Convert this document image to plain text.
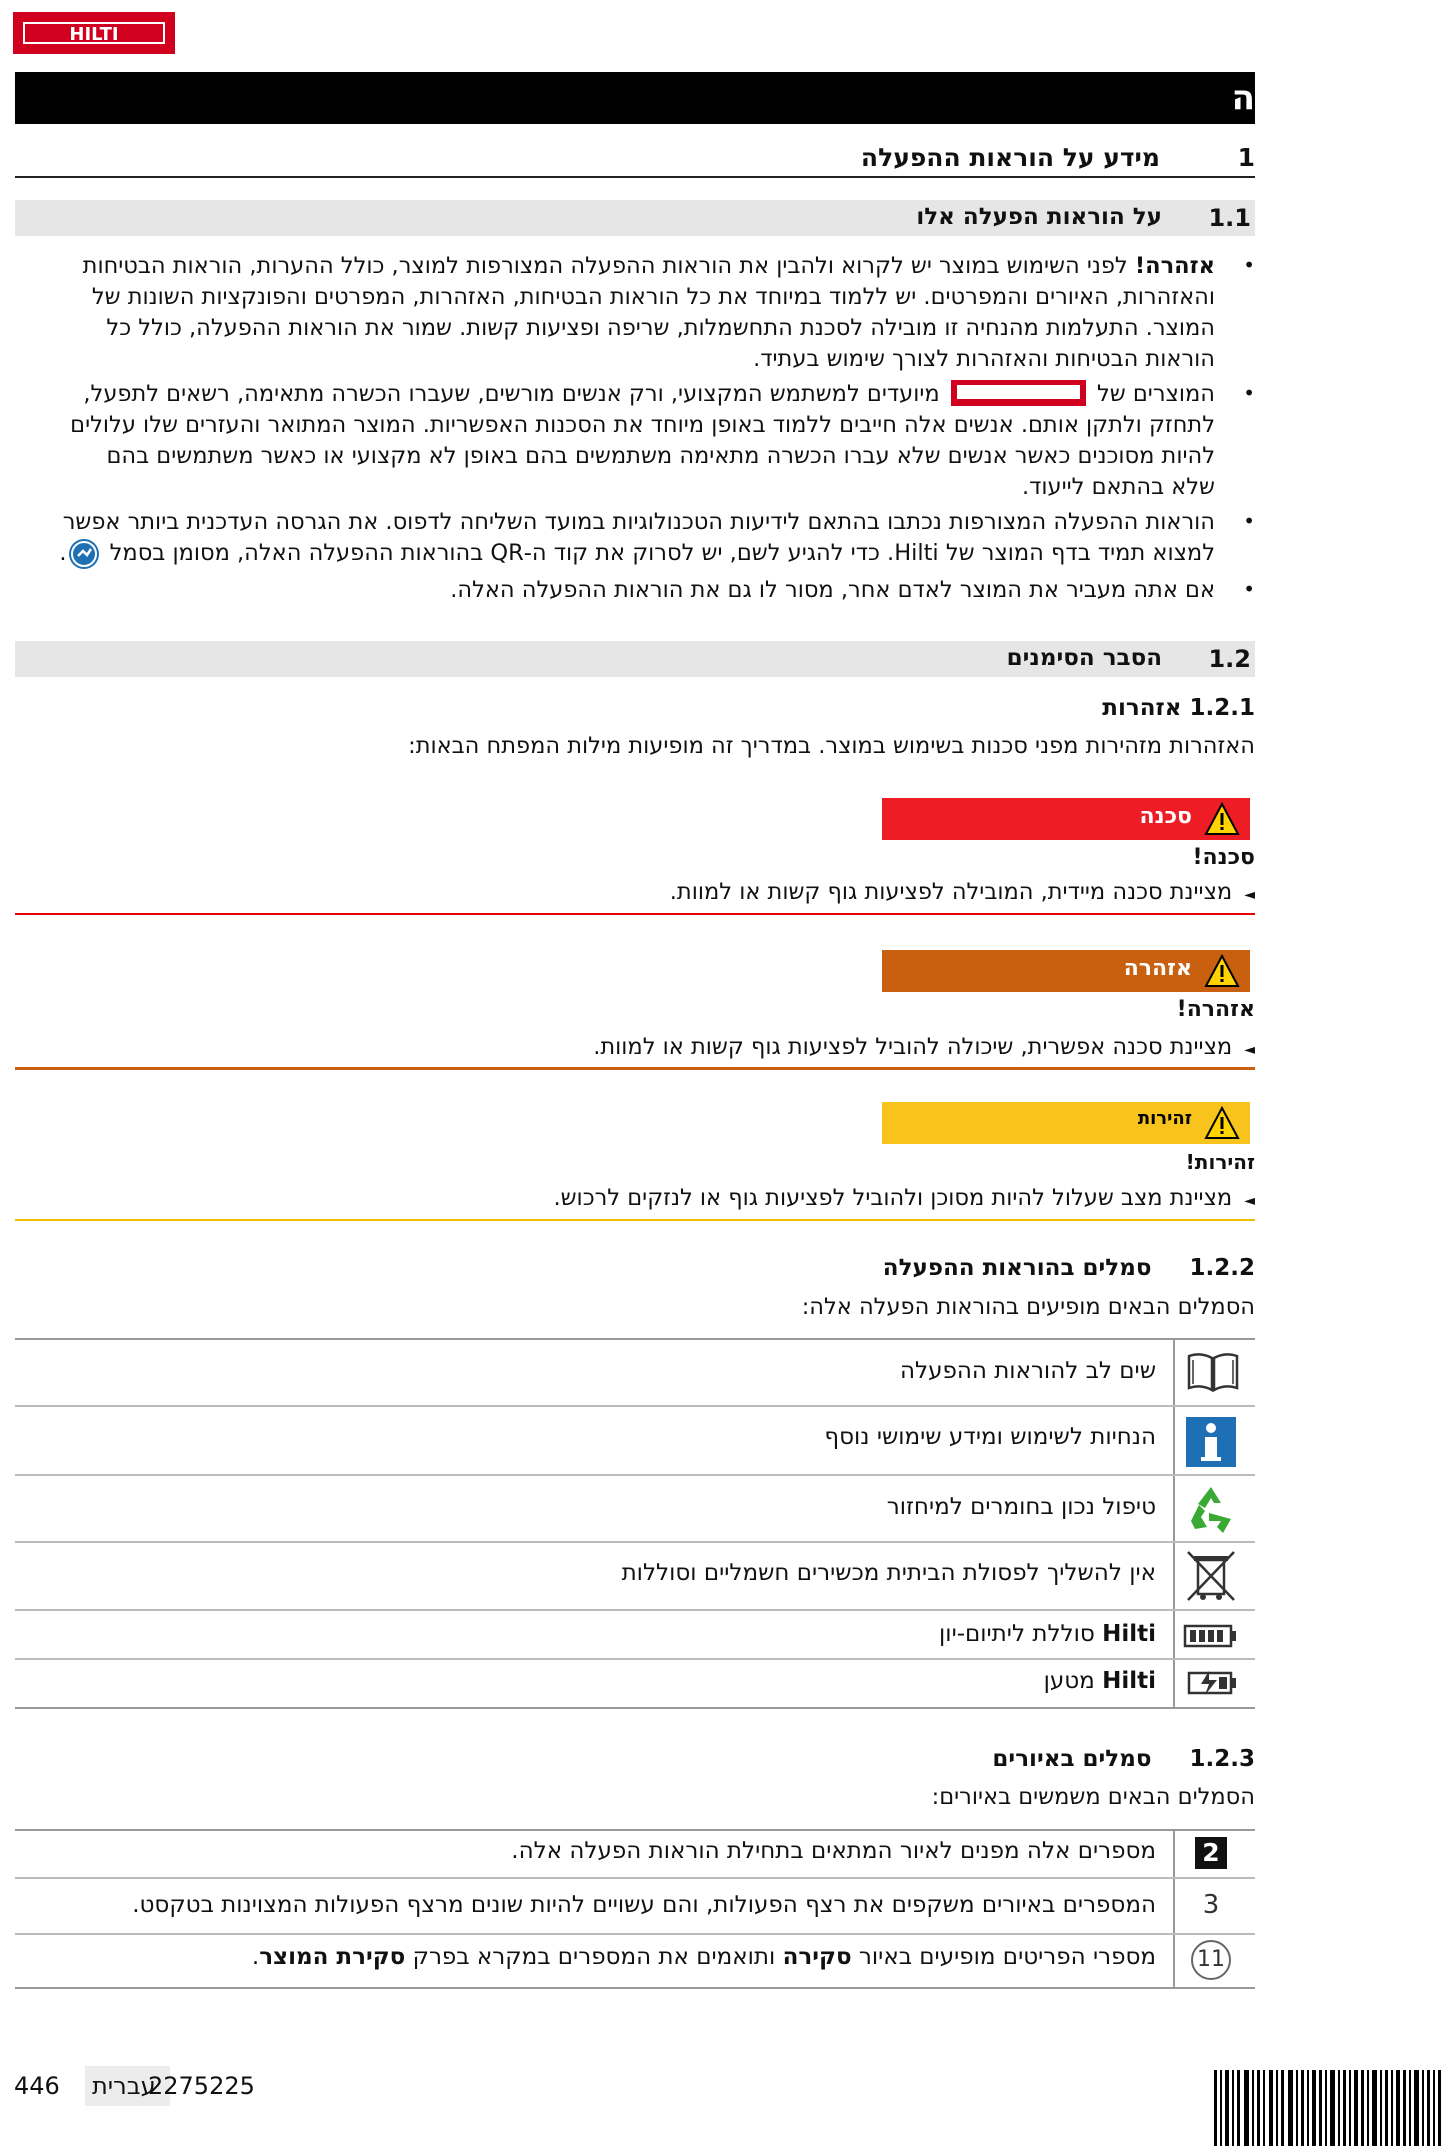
HILTI
ה
1
מידע על הוראות ההפעלה
1.1
על הוראות הפעלה אלו
•
אזהרה! לפני השימוש במוצר יש לקרוא ולהבין את הוראות ההפעלה המצורפות למוצר, כולל ההערות, הוראות הבטיחות
והאזהרות, האיורים והמפרטים. יש ללמוד במיוחד את כל הוראות הבטיחות, האזהרות, המפרטים והפונקציות השונות של
המוצר. התעלמות מהנחיה זו מובילה לסכנת התחשמלות, שריפה ופציעות קשות. שמור את הוראות ההפעלה, כולל כל
הוראות הבטיחות והאזהרות לצורך שימוש בעתיד.
•
המוצרים של
מיועדים למשתמש המקצועי, ורק אנשים מורשים, שעברו הכשרה מתאימה, רשאים לתפעל,
לתחזק ולתקן אותם. אנשים אלה חייבים ללמוד באופן מיוחד את הסכנות האפשריות. המוצר המתואר והעזרים שלו עלולים
להיות מסוכנים כאשר אנשים שלא עברו הכשרה מתאימה משתמשים בהם באופן לא מקצועי או כאשר משתמשים בהם
שלא בהתאם לייעוד.
•
הוראות ההפעלה המצורפות נכתבו בהתאם לידיעות הטכנולוגיות במועד השליחה לדפוס. את הגרסה העדכנית ביותר אפשר
למצוא תמיד בדף המוצר של Hilti. כדי להגיע לשם, יש לסרוק את קוד ה-QR בהוראות ההפעלה האלה, מסומן בסמל .
•
אם אתה מעביר את המוצר לאדם אחר, מסור לו גם את הוראות ההפעלה האלה.
1.2
הסבר הסימנים
1.2.1 אזהרות
האזהרות מזהירות מפני סכנות בשימוש במוצר. במדריך זה מופיעות מילות המפתח הבאות:
סכנה
סכנה!
◄מציינת סכנה מיידית, המובילה לפציעות גוף קשות או למוות.
אזהרה
אזהרה!
◄מציינת סכנה אפשרית, שיכולה להוביל לפציעות גוף קשות או למוות.
זהירות
זהירות!
◄מציינת מצב שעלול להיות מסוכן ולהוביל לפציעות גוף או לנזקים לרכוש.
1.2.2 סמלים בהוראות ההפעלה
הסמלים הבאים מופיעים בהוראות הפעלה אלה:
שים לב להוראות ההפעלה
הנחיות לשימוש ומידע שימושי נוסף
טיפול נכון בחומרים למיחזור
אין להשליך לפסולת הביתית מכשירים חשמליים וסוללות
Hilti סוללת ליתיום-יון
Hilti מטען
1.2.3 סמלים באיורים
הסמלים הבאים משמשים באיורים:
2
מספרים אלה מפנים לאיור המתאים בתחילת הוראות הפעלה אלה.
3
המספרים באיורים משקפים את רצף הפעולות, והם עשויים להיות שונים מרצף הפעולות המצוינות בטקסט.
11
מספרי הפריטים מופיעים באיור סקירה ותואמים את המספרים במקרא בפרק סקירת המוצר.
446 עברית
2275225
